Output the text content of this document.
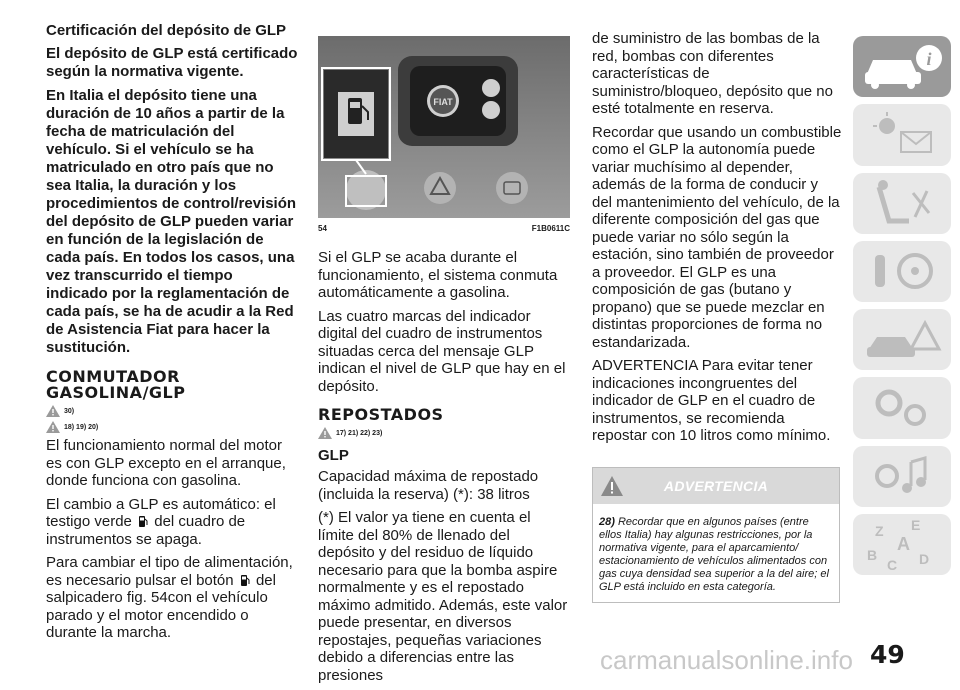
Certificación del depósito de GLP

El depósito de GLP está certificado según la normativa vigente.

En Italia el depósito tiene una duración de 10 años a partir de la fecha de matriculación del vehículo. Si el vehículo se ha matriculado en otro país que no sea Italia, la duración y los procedimientos de control/revisión del depósito de GLP pueden variar en función de la legislación de cada país. En todos los casos, una vez transcurrido el tiempo indicado por la reglamentación de cada país, se ha de acudir a la Red de Asistencia Fiat para hacer la sustitución.

CONMUTADOR
GASOLINA/GLP
30)
18) 19) 20)

El funcionamiento normal del motor es con GLP excepto en el arranque, donde funciona con gasolina.

El cambio a GLP es automático: el testigo verde del cuadro de instrumentos se apaga.

Para cambiar el tipo de alimentación, es necesario pulsar el botón del salpicadero fig. 54con el vehículo parado y el motor encendido o durante la marcha.

FIAT
54	F1B0611C

Si el GLP se acaba durante el funcionamiento, el sistema conmuta automáticamente a gasolina.

Las cuatro marcas del indicador digital del cuadro de instrumentos situadas cerca del mensaje GLP indican el nivel de GLP que hay en el depósito.

REPOSTADOS
17) 21) 22) 23)
GLP

Capacidad máxima de repostado (incluida la reserva) (*): 38 litros

(*) El valor ya tiene en cuenta el límite del 80% de llenado del depósito y del residuo de líquido necesario para que la bomba aspire normalmente y es el repostado máximo admitido. Además, este valor puede presentar, en diversos repostajes, pequeñas variaciones debido a diferencias entre las presiones

de suministro de las bombas de la red, bombas con diferentes características de suministro/bloqueo, depósito que no esté totalmente en reserva.

Recordar que usando un combustible como el GLP la autonomía puede variar muchísimo al depender, además de la forma de conducir y del mantenimiento del vehículo, de la diferente composición del gas que puede variar no sólo según la estación, sino también de proveedor a proveedor. El GLP es una composición de gas (butano y propano) que se puede mezclar en distintas proporciones de forma no estandarizada.

ADVERTENCIA Para evitar tener indicaciones incongruentes del indicador de GLP en el cuadro de instrumentos, se recomienda repostar con 10 litros como mínimo.

ADVERTENCIA
28) Recordar que en algunos países (entre ellos Italia) hay algunas restricciones, por la normativa vigente, para el aparcamiento/ estacionamiento de vehículos alimentados con gas cuya densidad sea superior a la del aire; el GLP está incluido en esta categoría.
i
Z E
A
B
C D
carmanualsonline.info 49
